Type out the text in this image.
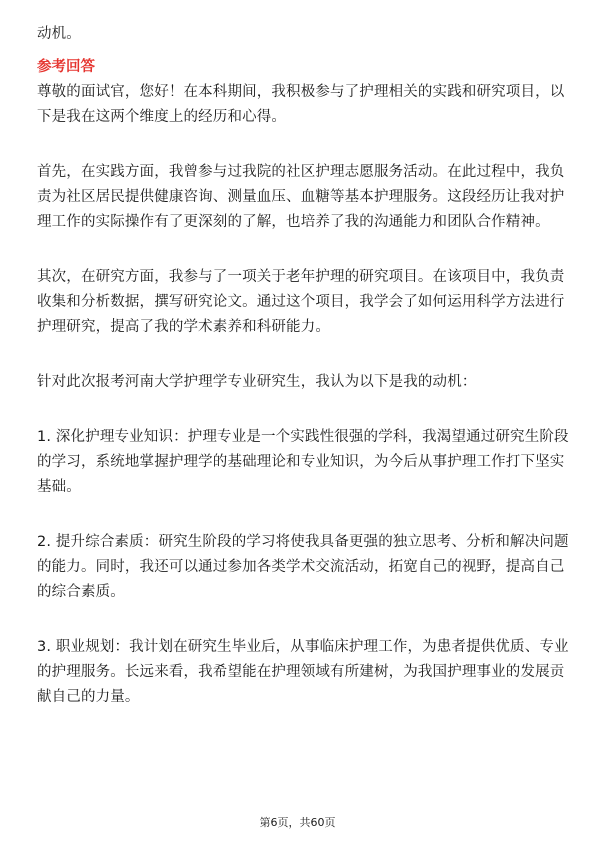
动机。
参考回答
尊敬的面试官，您好！在本科期间，我积极参与了护理相关的实践和研究项目，以
下是我在这两个维度上的经历和心得。
首先，在实践方面，我曾参与过我院的社区护理志愿服务活动。在此过程中，我负
责为社区居民提供健康咨询、测量血压、血糖等基本护理服务。这段经历让我对护
理工作的实际操作有了更深刻的了解，也培养了我的沟通能力和团队合作精神。
其次，在研究方面，我参与了一项关于老年护理的研究项目。在该项目中，我负责
收集和分析数据，撰写研究论文。通过这个项目，我学会了如何运用科学方法进行
护理研究，提高了我的学术素养和科研能力。
针对此次报考河南大学护理学专业研究生，我认为以下是我的动机：
1. 深化护理专业知识：护理专业是一个实践性很强的学科，我渴望通过研究生阶段
的学习，系统地掌握护理学的基础理论和专业知识，为今后从事护理工作打下坚实
基础。
2. 提升综合素质：研究生阶段的学习将使我具备更强的独立思考、分析和解决问题
的能力。同时，我还可以通过参加各类学术交流活动，拓宽自己的视野，提高自己
的综合素质。
3. 职业规划：我计划在研究生毕业后，从事临床护理工作，为患者提供优质、专业
的护理服务。长远来看，我希望能在护理领域有所建树，为我国护理事业的发展贡
献自己的力量。
第6页，共60页
